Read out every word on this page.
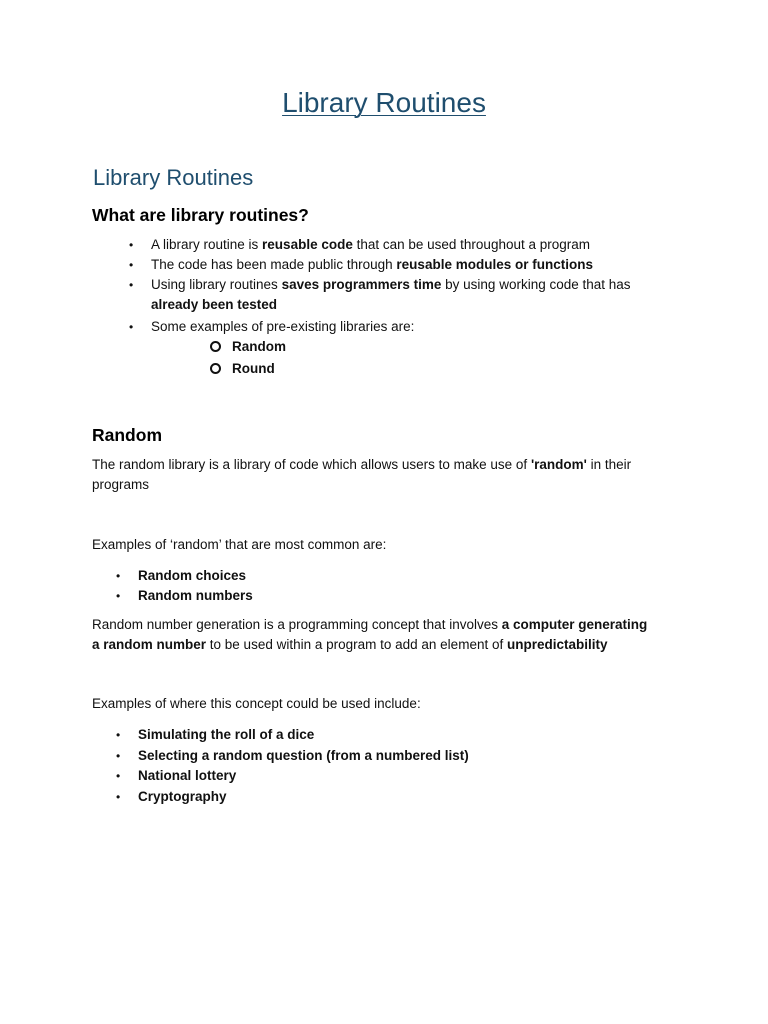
Library Routines
Library Routines
What are library routines?
• A library routine is reusable code that can be used throughout a program
• The code has been made public through reusable modules or functions
• Using library routines saves programmers time by using working code that has
already been tested
• Some examples of pre-existing libraries are:
Random
Round
Random
The random library is a library of code which allows users to make use of 'random' in their
programs
Examples of ‘random’ that are most common are:
• Random choices
• Random numbers
Random number generation is a programming concept that involves a computer generating
a random number to be used within a program to add an element of unpredictability
Examples of where this concept could be used include:
• Simulating the roll of a dice
• Selecting a random question (from a numbered list)
• National lottery
• Cryptography
